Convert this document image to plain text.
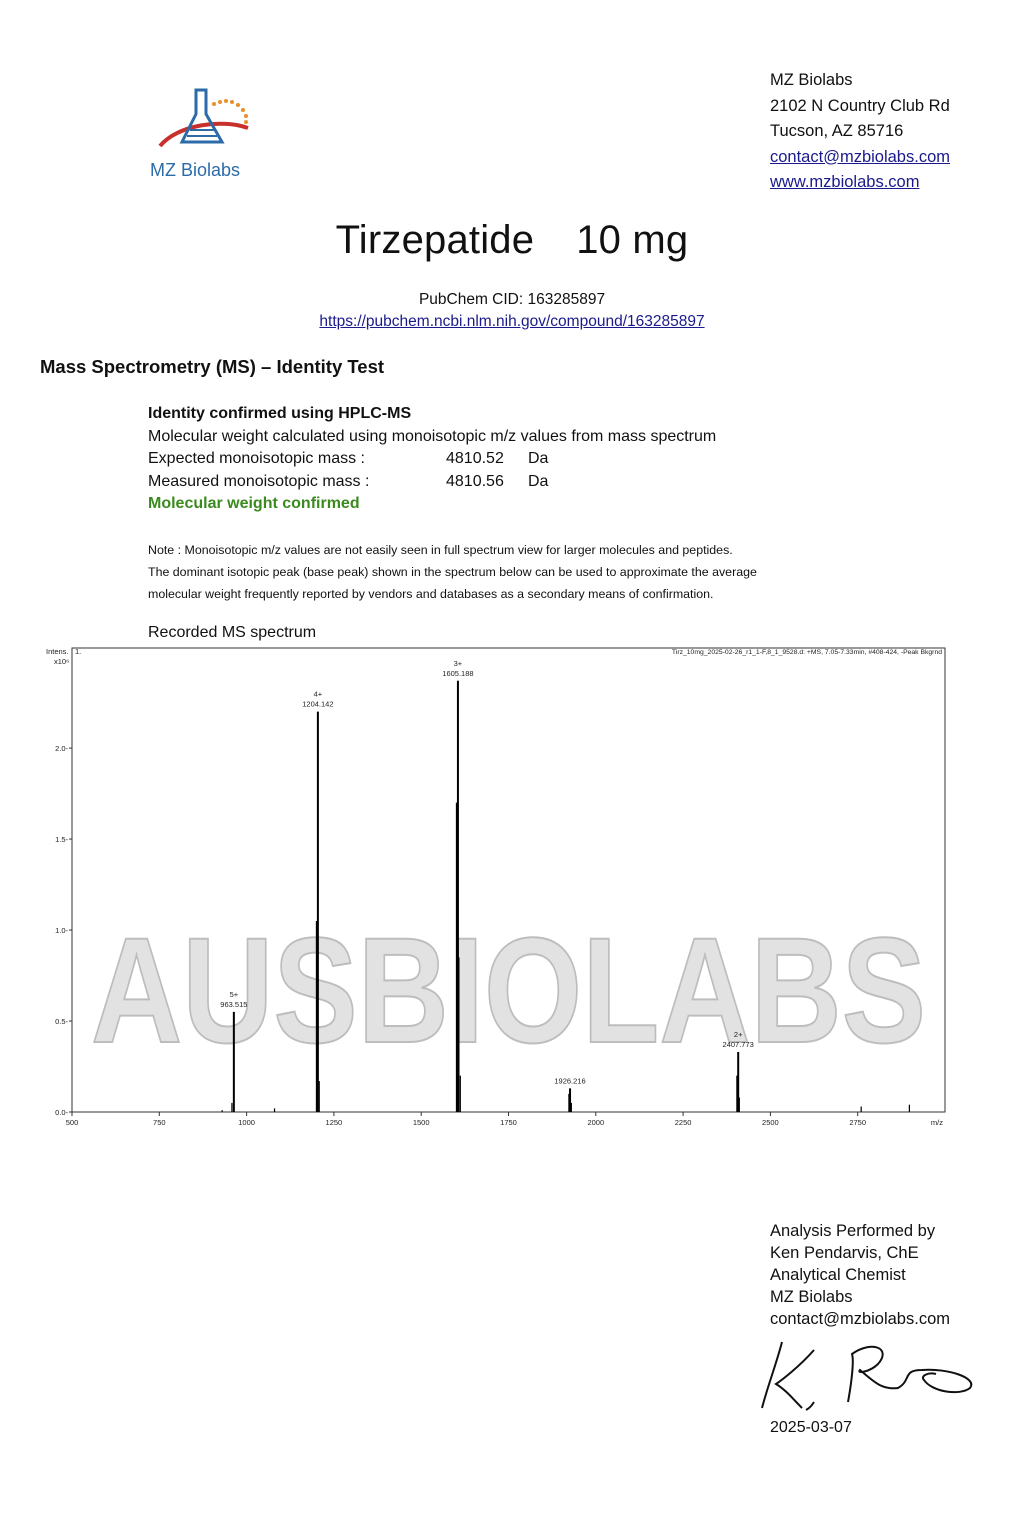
MZ Biolabs
MZ Biolabs
2102 N Country Club Rd
Tucson, AZ 85716
contact@mzbiolabs.com
www.mzbiolabs.com
Tirzepatide 10 mg
PubChem CID: 163285897
https://pubchem.ncbi.nlm.nih.gov/compound/163285897
Mass Spectrometry (MS) – Identity Test
Identity confirmed using HPLC-MS
Molecular weight calculated using monoisotopic m/z values from mass spectrum
Expected monoisotopic mass :	4810.52 Da
Measured monoisotopic mass :	4810.56 Da
Molecular weight confirmed
Note : Monoisotopic m/z values are not easily seen in full spectrum view for larger molecules and peptides.
The dominant isotopic peak (base peak) shown in the spectrum below can be used to approximate the average
molecular weight frequently reported by vendors and databases as a secondary means of confirmation.
Recorded MS spectrum
AUSBIOLABS
Intens.
x10⁶
1.	Tirz_10mg_2025-02-26_r1_1-F,8_1_9528.d: +MS, 7.05-7.33min, #408-424, -Peak Bkgrnd
0.0-
0.5-
1.0-
1.5-
2.0-
500	750	1000	1250	1500	1750	2000	2250	2500	2750	m/z
963.515
5+
1204.142
4+
1605.188
3+
1926.216
2407.773
2+
Analysis Performed by
Ken Pendarvis, ChE
Analytical Chemist
MZ Biolabs
contact@mzbiolabs.com
2025-03-07
